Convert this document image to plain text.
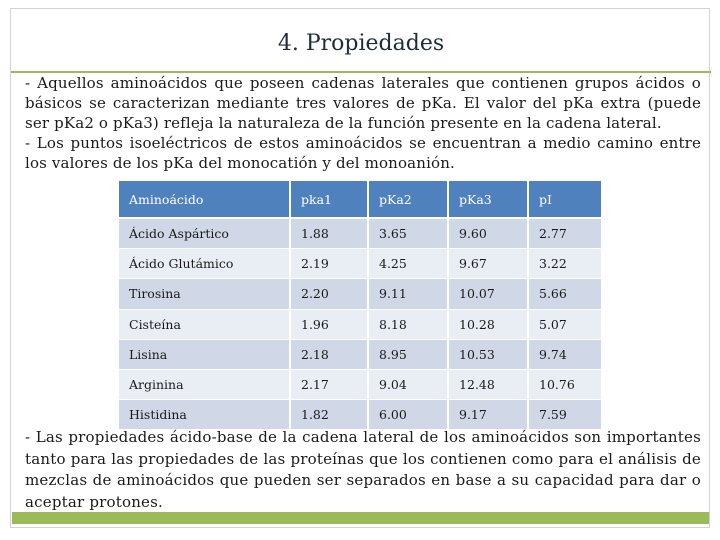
4. Propiedades

- Aquellos aminoácidos que poseen cadenas laterales que contienen grupos ácidos o básicos se caracterizan mediante tres valores de pKa. El valor del pKa extra (puede ser pKa2 o pKa3) refleja la naturaleza de la función presente en la cadena lateral.

- Los puntos isoeléctricos de estos aminoácidos se encuentran a medio camino entre los valores de los pKa del monocatión y del monoanión.

Aminoácido	pka1	pKa2	pKa3	pI
Ácido Aspártico	1.88	3.65	9.60	2.77
Ácido Glutámico	2.19	4.25	9.67	3.22
Tirosina	2.20	9.11	10.07	5.66
Cisteína	1.96	8.18	10.28	5.07
Lisina	2.18	8.95	10.53	9.74
Arginina	2.17	9.04	12.48	10.76
Histidina	1.82	6.00	9.17	7.59
- Las propiedades ácido-base de la cadena lateral de los aminoácidos son importantes tanto para las propiedades de las proteínas que los contienen como para el análisis de mezclas de aminoácidos que pueden ser separados en base a su capacidad para dar o aceptar protones.
